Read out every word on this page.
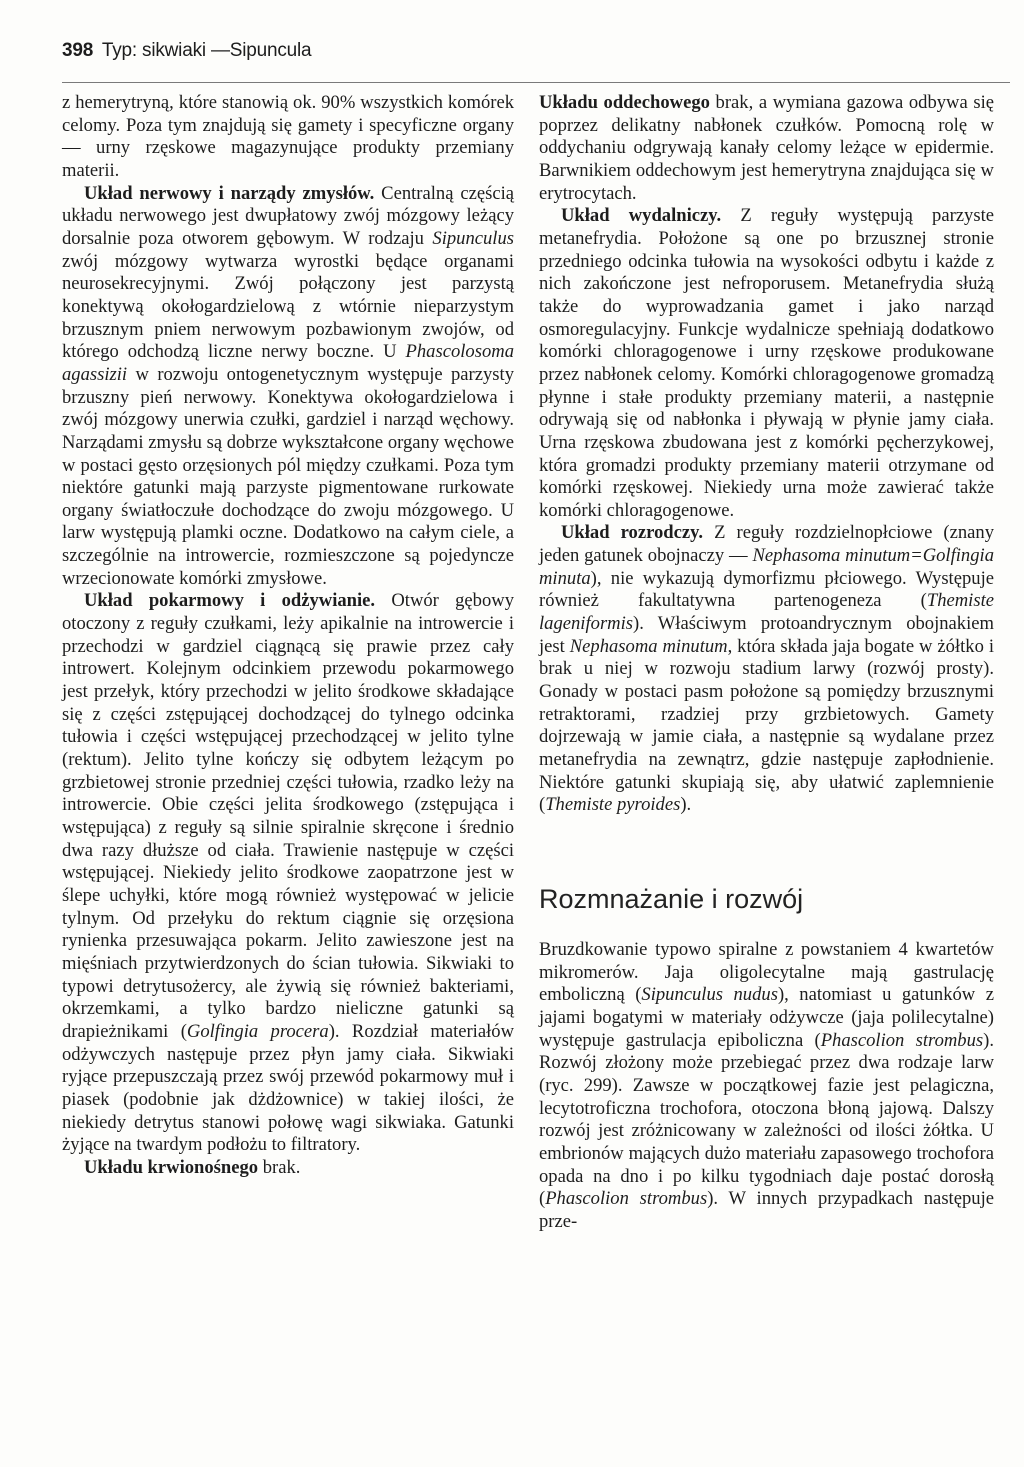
398 Typ: sikwiaki —Sipuncula

z hemerytryną, które stanowią ok. 90% wszystkich komórek celomy. Poza tym znajdują się gamety i specyficzne organy — urny rzęskowe magazynujące produkty przemiany materii.

Układ nerwowy i narządy zmysłów. Centralną częścią układu nerwowego jest dwupłatowy zwój mózgowy leżący dorsalnie poza otworem gębowym. W rodzaju Sipunculus zwój mózgowy wytwarza wyrostki będące organami neurosekrecyjnymi. Zwój połączony jest parzystą konektywą okołogardzielową z wtórnie nieparzystym brzusznym pniem nerwowym pozbawionym zwojów, od którego odchodzą liczne nerwy boczne. U Phascolosoma agassizii w rozwoju ontogenetycznym występuje parzysty brzuszny pień nerwowy. Konektywa okołogardzielowa i zwój mózgowy unerwia czułki, gardziel i narząd węchowy. Narządami zmysłu są dobrze wykształcone organy węchowe w postaci gęsto orzęsionych pól między czułkami. Poza tym niektóre gatunki mają parzyste pigmentowane rurkowate organy światłoczułe dochodzące do zwoju mózgowego. U larw występują plamki oczne. Dodatkowo na całym ciele, a szczególnie na introwercie, rozmieszczone są pojedyncze wrzecionowate komórki zmysłowe.

Układ pokarmowy i odżywianie. Otwór gębowy otoczony z reguły czułkami, leży apikalnie na introwercie i przechodzi w gardziel ciągnącą się prawie przez cały introwert. Kolejnym odcinkiem przewodu pokarmowego jest przełyk, który przechodzi w jelito środkowe składające się z części zstępującej dochodzącej do tylnego odcinka tułowia i części wstępującej przechodzącej w jelito tylne (rektum). Jelito tylne kończy się odbytem leżącym po grzbietowej stronie przedniej części tułowia, rzadko leży na introwercie. Obie części jelita środkowego (zstępująca i wstępująca) z reguły są silnie spiralnie skręcone i średnio dwa razy dłuższe od ciała. Trawienie następuje w części wstępującej. Niekiedy jelito środkowe zaopatrzone jest w ślepe uchyłki, które mogą również występować w jelicie tylnym. Od przełyku do rektum ciągnie się orzęsiona rynienka przesuwająca pokarm. Jelito zawieszone jest na mięśniach przytwierdzonych do ścian tułowia. Sikwiaki to typowi detrytusożercy, ale żywią się również bakteriami, okrzemkami, a tylko bardzo nieliczne gatunki są drapieżnikami (Golfingia procera). Rozdział materiałów odżywczych następuje przez płyn jamy ciała. Sikwiaki ryjące przepuszczają przez swój przewód pokarmowy muł i piasek (podobnie jak dżdżownice) w takiej ilości, że niekiedy detrytus stanowi połowę wagi sikwiaka. Gatunki żyjące na twardym podłożu to filtratory.

Układu krwionośnego brak.

Układu oddechowego brak, a wymiana gazowa odbywa się poprzez delikatny nabłonek czułków. Pomocną rolę w oddychaniu odgrywają kanały celomy leżące w epidermie. Barwnikiem oddechowym jest hemerytryna znajdująca się w erytrocytach.

Układ wydalniczy. Z reguły występują parzyste metanefrydia. Położone są one po brzusznej stronie przedniego odcinka tułowia na wysokości odbytu i każde z nich zakończone jest nefroporusem. Metanefrydia służą także do wyprowadzania gamet i jako narząd osmoregulacyjny. Funkcje wydalnicze spełniają dodatkowo komórki chloragogenowe i urny rzęskowe produkowane przez nabłonek celomy. Komórki chloragogenowe gromadzą płynne i stałe produkty przemiany materii, a następnie odrywają się od nabłonka i pływają w płynie jamy ciała. Urna rzęskowa zbudowana jest z komórki pęcherzykowej, która gromadzi produkty przemiany materii otrzymane od komórki rzęskowej. Niekiedy urna może zawierać także komórki chloragogenowe.

Układ rozrodczy. Z reguły rozdzielnopłciowe (znany jeden gatunek obojnaczy — Nephasoma minutum=Golfingia minuta), nie wykazują dymorfizmu płciowego. Występuje również fakultatywna partenogeneza (Themiste lageniformis). Właściwym protoandrycznym obojnakiem jest Nephasoma minutum, która składa jaja bogate w żółtko i brak u niej w rozwoju stadium larwy (rozwój prosty). Gonady w postaci pasm położone są pomiędzy brzusznymi retraktorami, rzadziej przy grzbietowych. Gamety dojrzewają w jamie ciała, a następnie są wydalane przez metanefrydia na zewnątrz, gdzie następuje zapłodnienie. Niektóre gatunki skupiają się, aby ułatwić zaplemnienie (Themiste pyroides).

Rozmnażanie i rozwój

Bruzdkowanie typowo spiralne z powstaniem 4 kwartetów mikromerów. Jaja oligolecytalne mają gastrulację emboliczną (Sipunculus nudus), natomiast u gatunków z jajami bogatymi w materiały odżywcze (jaja polilecytalne) występuje gastrulacja epiboliczna (Phascolion strombus). Rozwój złożony może przebiegać przez dwa rodzaje larw (ryc. 299). Zawsze w początkowej fazie jest pelagiczna, lecytotroficzna trochofora, otoczona błoną jajową. Dalszy rozwój jest zróżnicowany w zależności od ilości żółtka. U embrionów mających dużo materiału zapasowego trochofora opada na dno i po kilku tygodniach daje postać dorosłą (Phascolion strombus). W innych przypadkach następuje prze-
